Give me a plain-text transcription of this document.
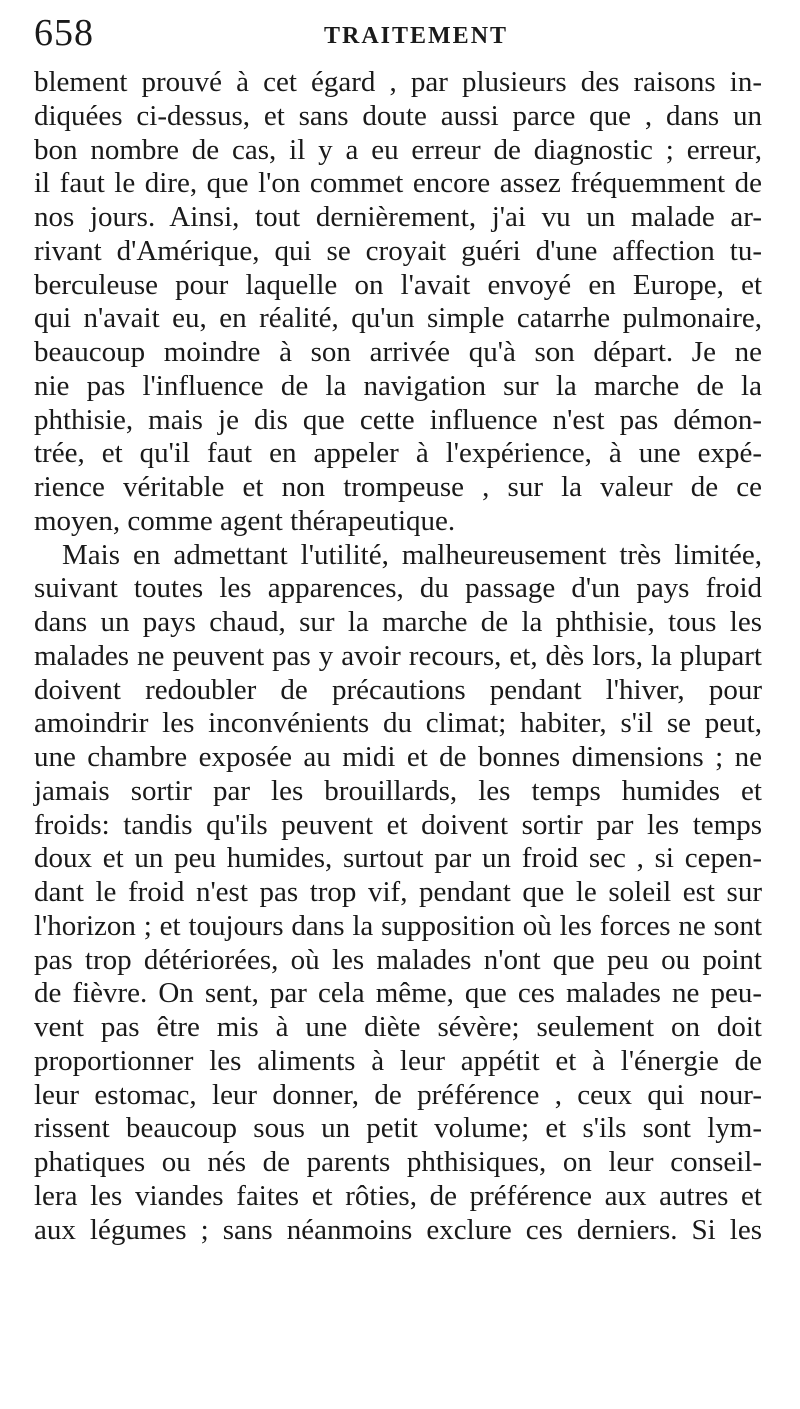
658	TRAITEMENT
blement prouvé à cet égard , par plusieurs des raisons in-
diquées ci-dessus, et sans doute aussi parce que , dans un
bon nombre de cas, il y a eu erreur de diagnostic ; erreur,
il faut le dire, que l'on commet encore assez fréquemment de
nos jours. Ainsi, tout dernièrement, j'ai vu un malade ar-
rivant d'Amérique, qui se croyait guéri d'une affection tu-
berculeuse pour laquelle on l'avait envoyé en Europe, et
qui n'avait eu, en réalité, qu'un simple catarrhe pulmonaire,
beaucoup moindre à son arrivée qu'à son départ. Je ne
nie pas l'influence de la navigation sur la marche de la
phthisie, mais je dis que cette influence n'est pas démon-
trée, et qu'il faut en appeler à l'expérience, à une expé-
rience véritable et non trompeuse , sur la valeur de ce
moyen, comme agent thérapeutique.
Mais en admettant l'utilité, malheureusement très limitée,
suivant toutes les apparences, du passage d'un pays froid
dans un pays chaud, sur la marche de la phthisie, tous les
malades ne peuvent pas y avoir recours, et, dès lors, la plupart
doivent redoubler de précautions pendant l'hiver, pour
amoindrir les inconvénients du climat; habiter, s'il se peut,
une chambre exposée au midi et de bonnes dimensions ; ne
jamais sortir par les brouillards, les temps humides et
froids: tandis qu'ils peuvent et doivent sortir par les temps
doux et un peu humides, surtout par un froid sec , si cepen-
dant le froid n'est pas trop vif, pendant que le soleil est sur
l'horizon ; et toujours dans la supposition où les forces ne sont
pas trop détériorées, où les malades n'ont que peu ou point
de fièvre. On sent, par cela même, que ces malades ne peu-
vent pas être mis à une diète sévère; seulement on doit
proportionner les aliments à leur appétit et à l'énergie de
leur estomac, leur donner, de préférence , ceux qui nour-
rissent beaucoup sous un petit volume; et s'ils sont lym-
phatiques ou nés de parents phthisiques, on leur conseil-
lera les viandes faites et rôties, de préférence aux autres et
aux légumes ; sans néanmoins exclure ces derniers. Si les
